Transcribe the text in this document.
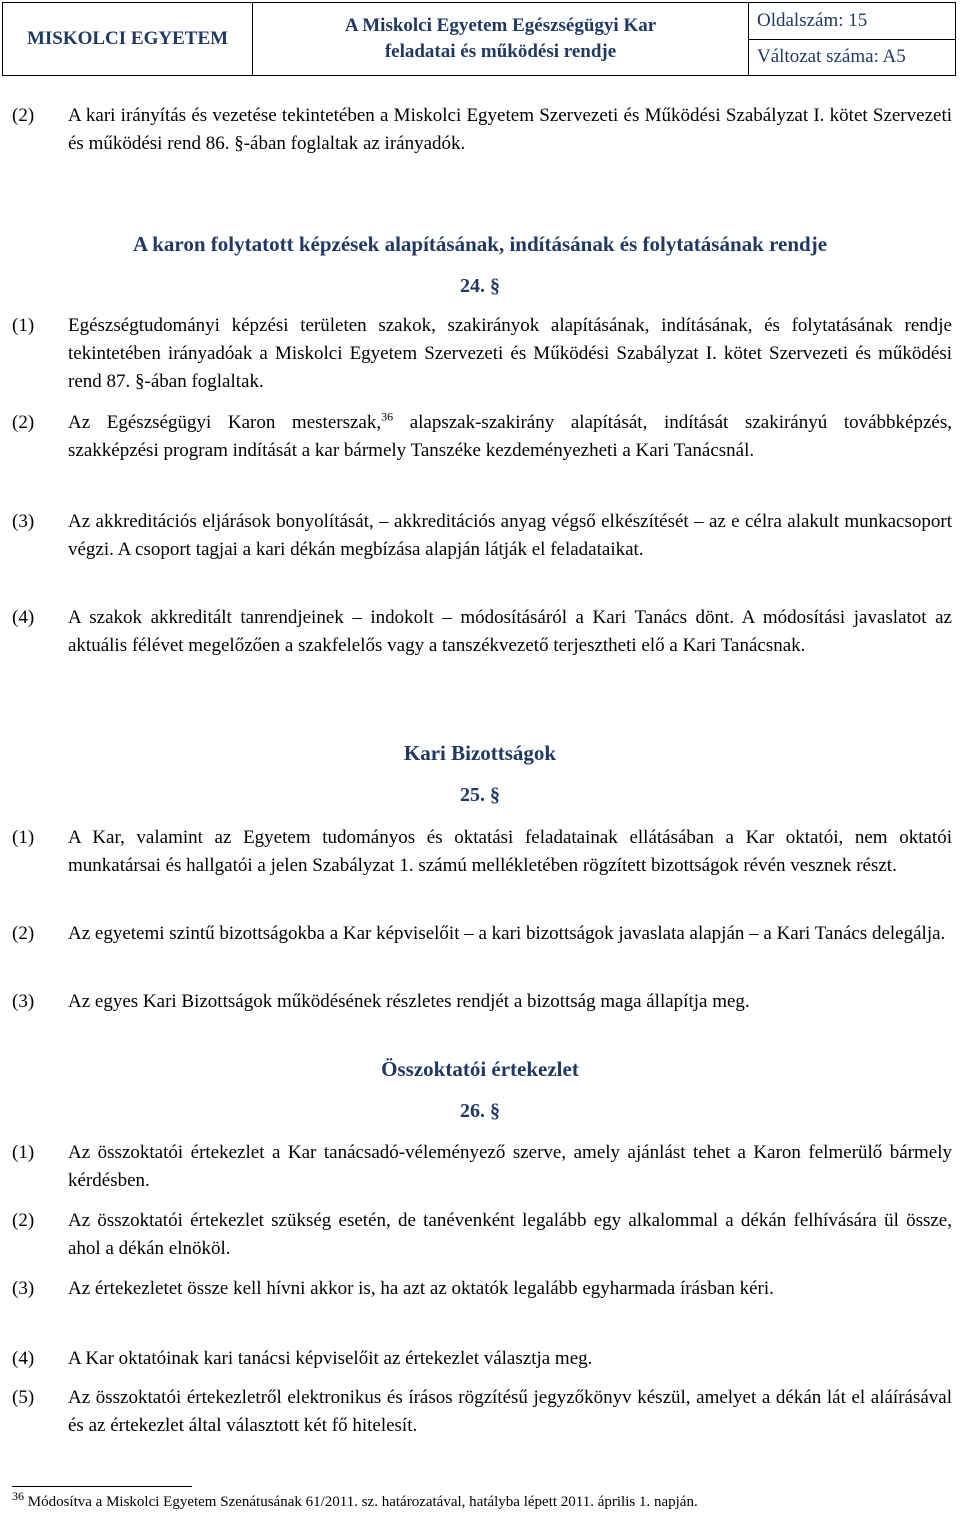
MISKOLCI EGYETEM
A Miskolci Egyetem Egészségügyi Kar
feladatai és működési rendje
Oldalszám: 15
Változat száma: A5
(2) A kari irányítás és vezetése tekintetében a Miskolci Egyetem Szervezeti és Működési Szabályzat I. kötet Szervezeti és működési rend 86. §-ában foglaltak az irányadók.
A karon folytatott képzések alapításának, indításának és folytatásának rendje
24. §
(1) Egészségtudományi képzési területen szakok, szakirányok alapításának, indításának, és folytatásának rendje tekintetében irányadóak a Miskolci Egyetem Szervezeti és Működési Szabályzat I. kötet Szervezeti és működési rend 87. §-ában foglaltak.
(2) Az Egészségügyi Karon mesterszak,$^{36}$ alapszak-szakirány alapítását, indítását szakirányú továbbképzés, szakképzési program indítását a kar bármely Tanszéke kezdeményezheti a Kari Tanácsnál.
(3) Az akkreditációs eljárások bonyolítását, – akkreditációs anyag végső elkészítését – az e célra alakult munkacsoport végzi. A csoport tagjai a kari dékán megbízása alapján látják el feladataikat.
(4) A szakok akkreditált tanrendjeinek – indokolt – módosításáról a Kari Tanács dönt. A módosítási javaslatot az aktuális félévet megelőzően a szakfelelős vagy a tanszékvezető terjesztheti elő a Kari Tanácsnak.
Kari Bizottságok
25. §
(1) A Kar, valamint az Egyetem tudományos és oktatási feladatainak ellátásában a Kar oktatói, nem oktatói munkatársai és hallgatói a jelen Szabályzat 1. számú mellékletében rögzített bizottságok révén vesznek részt.
(2) Az egyetemi szintű bizottságokba a Kar képviselőit – a kari bizottságok javaslata alapján – a Kari Tanács delegálja.
(3) Az egyes Kari Bizottságok működésének részletes rendjét a bizottság maga állapítja meg.
Összoktatói értekezlet
26. §
(1) Az összoktatói értekezlet a Kar tanácsadó-véleményező szerve, amely ajánlást tehet a Karon felmerülő bármely kérdésben.
(2) Az összoktatói értekezlet szükség esetén, de tanévenként legalább egy alkalommal a dékán felhívására ül össze, ahol a dékán elnököl.
(3) Az értekezletet össze kell hívni akkor is, ha azt az oktatók legalább egyharmada írásban kéri.
(4) A Kar oktatóinak kari tanácsi képviselőit az értekezlet választja meg.
(5) Az összoktatói értekezletről elektronikus és írásos rögzítésű jegyzőkönyv készül, amelyet a dékán lát el aláírásával és az értekezlet által választott két fő hitelesít.
$^{36}$ Módosítva a Miskolci Egyetem Szenátusának 61/2011. sz. határozatával, hatályba lépett 2011. április 1. napján.
